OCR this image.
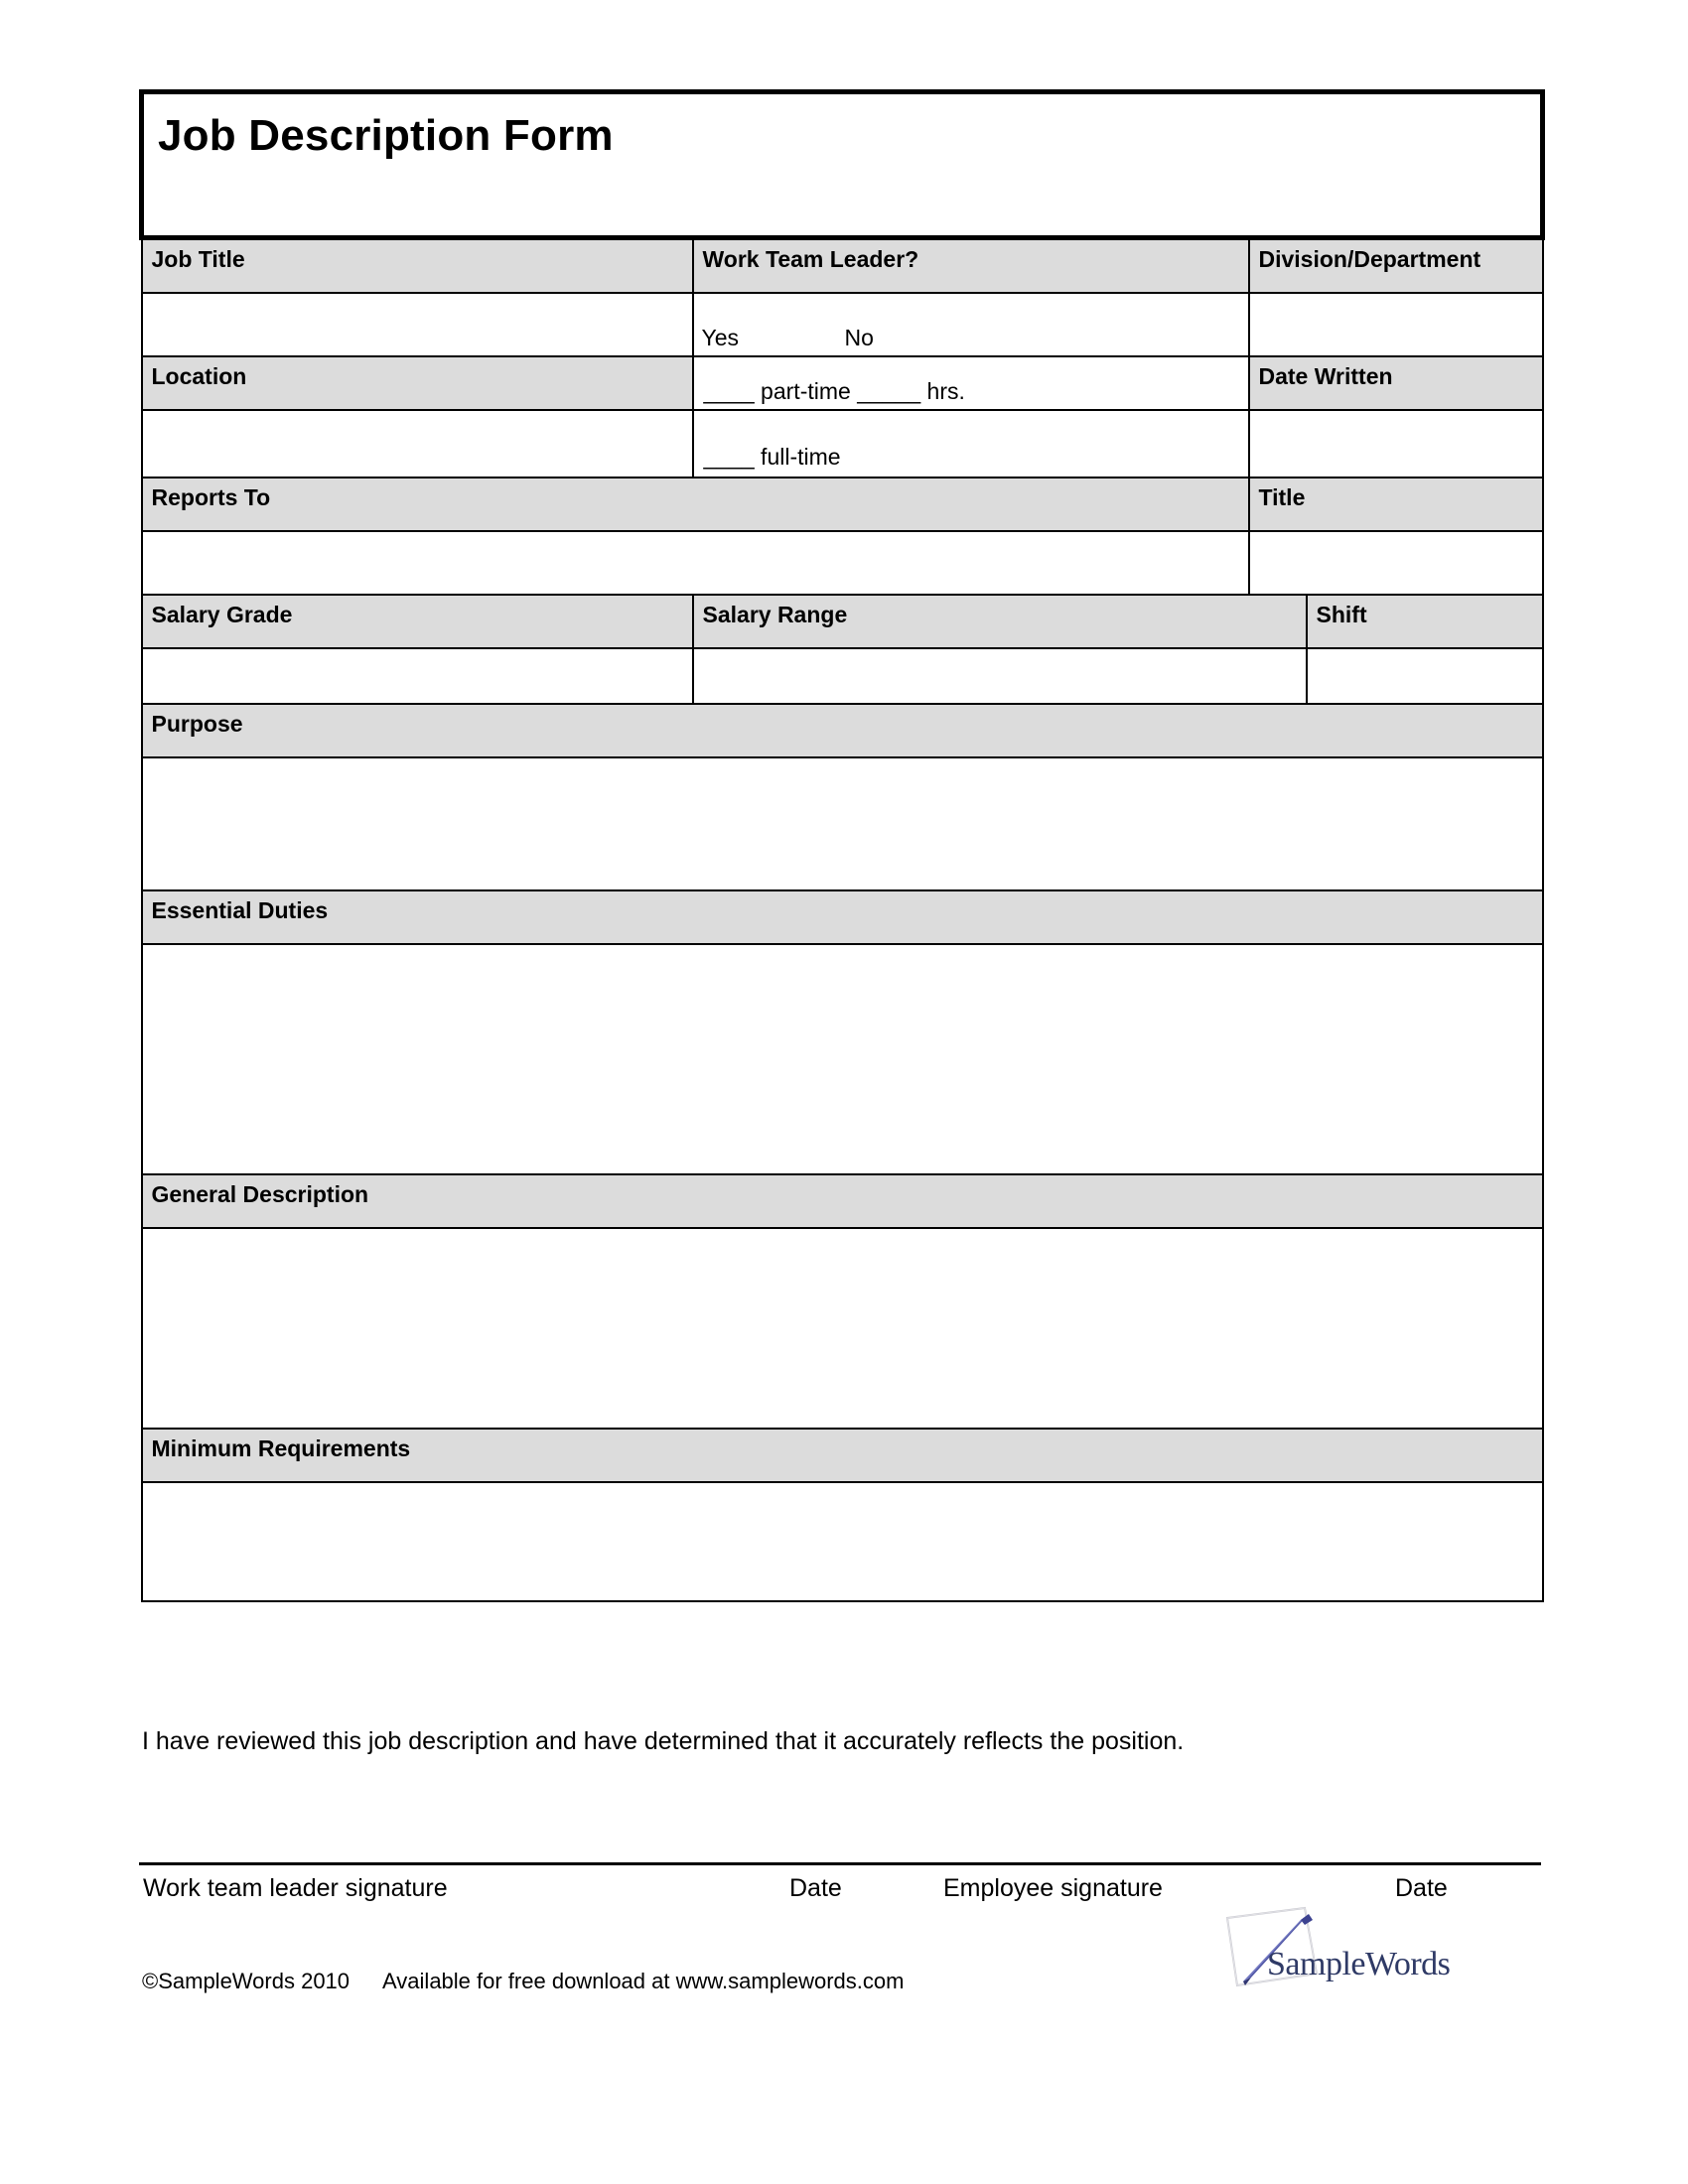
Job Description Form			

Job Title	Work Team Leader?	Division/Department	

	Yes No		

Location	____ part-time _____ hrs.	Date Written	

	____ full-time		

Reports To		Title	

Salary Grade	Salary Range		Shift

Purpose			

Essential Duties			

General Description			

Minimum Requirements			

I have reviewed this job description and have determined that it accurately reflects the position.
Work team leader signature	Date	Employee signature	Date
©SampleWords 2010 Available for free download at www.samplewords.com	SampleWords
